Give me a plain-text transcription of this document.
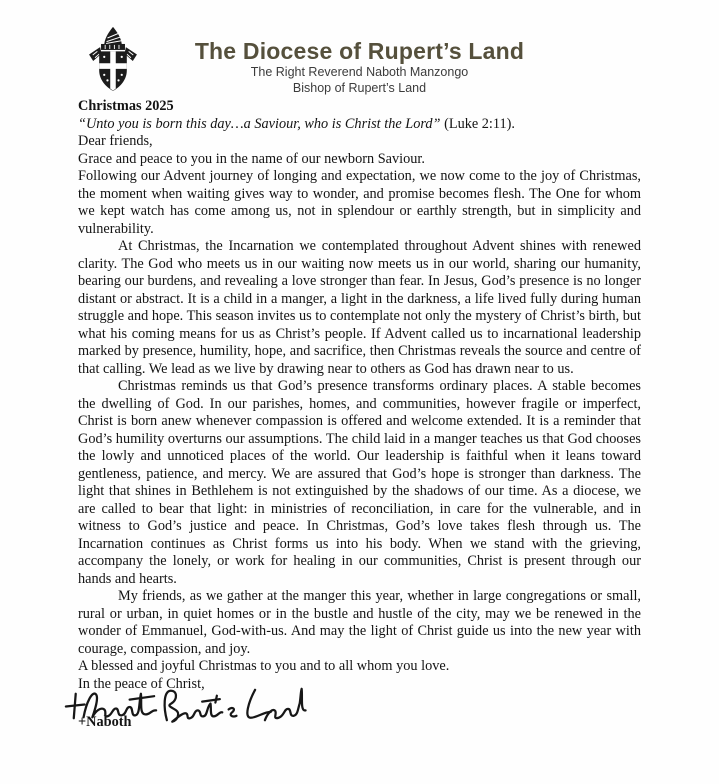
The Diocese of Rupert’s Land
The Right Reverend Naboth Manzongo
Bishop of Rupert’s Land

Christmas 2025

“Unto you is born this day…a Saviour, who is Christ the Lord” (Luke 2:11).

Dear friends,

Grace and peace to you in the name of our newborn Saviour.

Following our Advent journey of longing and expectation, we now come to the joy of Christmas, the moment when waiting gives way to wonder, and promise becomes flesh. The One for whom we kept watch has come among us, not in splendour or earthly strength, but in simplicity and vulnerability.

At Christmas, the Incarnation we contemplated throughout Advent shines with renewed clarity. The God who meets us in our waiting now meets us in our world, sharing our humanity, bearing our burdens, and revealing a love stronger than fear. In Jesus, God’s presence is no longer distant or abstract. It is a child in a manger, a light in the darkness, a life lived fully during human struggle and hope. This season invites us to contemplate not only the mystery of Christ’s birth, but what his coming means for us as Christ’s people. If Advent called us to incarnational leadership marked by presence, humility, hope, and sacrifice, then Christmas reveals the source and centre of that calling. We lead as we live by drawing near to others as God has drawn near to us.

Christmas reminds us that God’s presence transforms ordinary places. A stable becomes the dwelling of God. In our parishes, homes, and communities, however fragile or imperfect, Christ is born anew whenever compassion is offered and welcome extended. It is a reminder that God’s humility overturns our assumptions. The child laid in a manger teaches us that God chooses the lowly and unnoticed places of the world. Our leadership is faithful when it leans toward gentleness, patience, and mercy. We are assured that God’s hope is stronger than darkness. The light that shines in Bethlehem is not extinguished by the shadows of our time. As a diocese, we are called to bear that light: in ministries of reconciliation, in care for the vulnerable, and in witness to God’s justice and peace. In Christmas, God’s love takes flesh through us. The Incarnation continues as Christ forms us into his body. When we stand with the grieving, accompany the lonely, or work for healing in our communities, Christ is present through our hands and hearts.

My friends, as we gather at the manger this year, whether in large congregations or small, rural or urban, in quiet homes or in the bustle and hustle of the city, may we be renewed in the wonder of Emmanuel, God-with-us. And may the light of Christ guide us into the new year with courage, compassion, and joy.

A blessed and joyful Christmas to you and to all whom you love.

In the peace of Christ,

+Naboth
